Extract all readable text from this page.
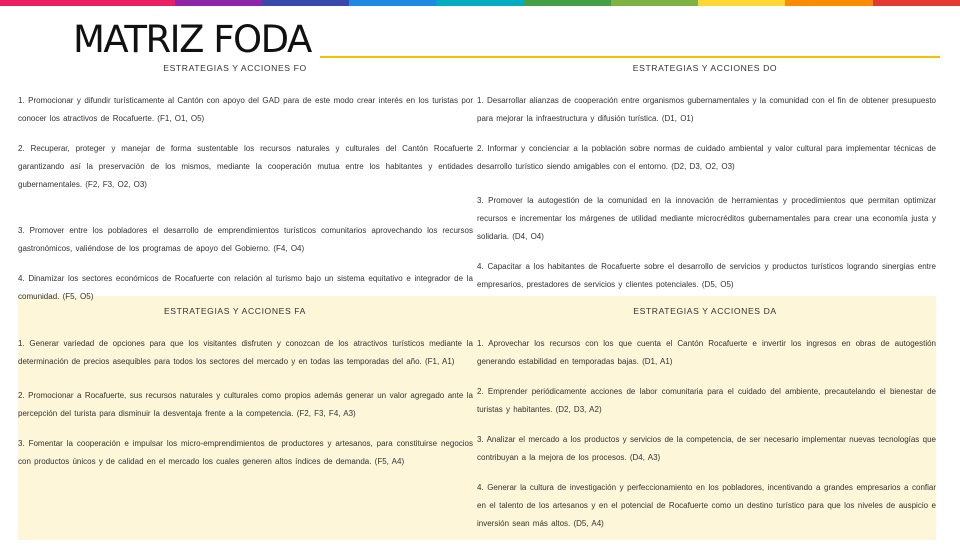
MATRIZ FODA
ESTRATEGIAS Y ACCIONES FO	ESTRATEGIAS Y ACCIONES DO

1. Promocionar y difundir turísticamente al Cantón con apoyo del GAD para de este modo crear interés en los turistas por conocer los atractivos de Rocafuerte. (F1, O1, O5)

2. Recuperar, proteger y manejar de forma sustentable los recursos naturales y culturales del Cantón Rocafuerte garantizando así la preservación de los mismos, mediante la cooperación mutua entre los habitantes y entidades gubernamentales. (F2, F3, O2, O3)

3. Promover entre los pobladores el desarrollo de emprendimientos turísticos comunitarios aprovechando los recursos gastronómicos, valiéndose de los programas de apoyo del Gobierno. (F4, O4)

4. Dinamizar los sectores económicos de Rocafuerte con relación al turismo bajo un sistema equitativo e integrador de la comunidad. (F5, O5)

1. Desarrollar alianzas de cooperación entre organismos gubernamentales y la comunidad con el fin de obtener presupuesto para mejorar la infraestructura y difusión turística. (D1, O1)

2. Informar y concienciar a la población sobre normas de cuidado ambiental y valor cultural para implementar técnicas de desarrollo turístico siendo amigables con el entorno. (D2, D3, O2, O3)

3. Promover la autogestión de la comunidad en la innovación de herramientas y procedimientos que permitan optimizar recursos e incrementar los márgenes de utilidad mediante microcréditos gubernamentales para crear una economía justa y solidaria. (D4, O4)

4. Capacitar a los habitantes de Rocafuerte sobre el desarrollo de servicios y productos turísticos logrando sinergias entre empresarios, prestadores de servicios y clientes potenciales. (D5, O5)

ESTRATEGIAS Y ACCIONES FA	ESTRATEGIAS Y ACCIONES DA

1. Generar variedad de opciones para que los visitantes disfruten y conozcan de los atractivos turísticos mediante la determinación de precios asequibles para todos los sectores del mercado y en todas las temporadas del año. (F1, A1)

2. Promocionar a Rocafuerte, sus recursos naturales y culturales como propios además generar un valor agregado ante la percepción del turista para disminuir la desventaja frente a la competencia. (F2, F3, F4, A3)

3. Fomentar la cooperación e impulsar los micro-emprendimientos de productores y artesanos, para constituirse negocios con productos únicos y de calidad en el mercado los cuales generen altos índices de demanda. (F5, A4)

1. Aprovechar los recursos con los que cuenta el Cantón Rocafuerte e invertir los ingresos en obras de autogestión generando estabilidad en temporadas bajas. (D1, A1)

2. Emprender periódicamente acciones de labor comunitaria para el cuidado del ambiente, precautelando el bienestar de turistas y habitantes. (D2, D3, A2)

3. Analizar el mercado a los productos y servicios de la competencia, de ser necesario implementar nuevas tecnologías que contribuyan a la mejora de los procesos. (D4, A3)

4. Generar la cultura de investigación y perfeccionamiento en los pobladores, incentivando a grandes empresarios a confiar en el talento de los artesanos y en el potencial de Rocafuerte como un destino turístico para que los niveles de auspicio e inversión sean más altos. (D5, A4)
